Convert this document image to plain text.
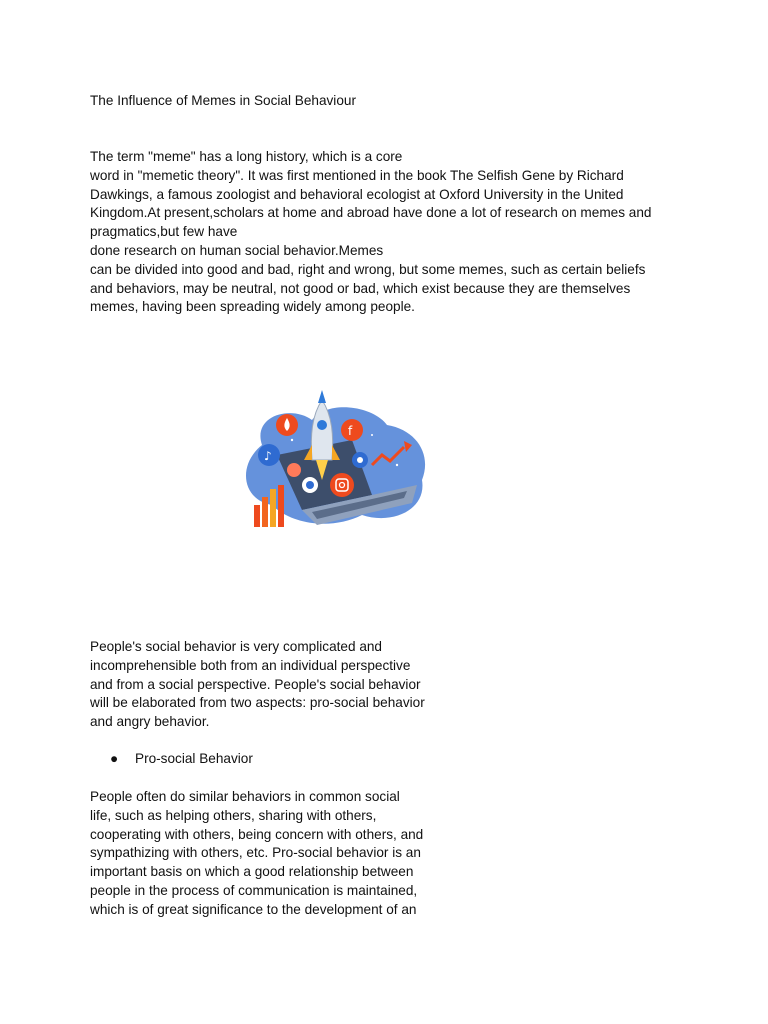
The Influence of Memes in Social Behaviour
The term "meme" has a long history, which is a core
word in "memetic theory". It was first mentioned in the book The Selfish Gene by Richard
Dawkings, a famous zoologist and behavioral ecologist at Oxford University in the United
Kingdom.At present,scholars at home and abroad have done a lot of research on memes and
pragmatics,but few have
done research on human social behavior.Memes
can be divided into good and bad, right and wrong, but some memes, such as certain beliefs
and behaviors, may be neutral, not good or bad, which exist because they are themselves
memes, having been spreading widely among people.
♪
f
People's social behavior is very complicated and
incomprehensible both from an individual perspective
and from a social perspective. People's social behavior
will be elaborated from two aspects: pro-social behavior
and angry behavior.
● Pro-social Behavior
People often do similar behaviors in common social
life, such as helping others, sharing with others,
cooperating with others, being concern with others, and
sympathizing with others, etc. Pro-social behavior is an
important basis on which a good relationship between
people in the process of communication is maintained,
which is of great significance to the development of an
